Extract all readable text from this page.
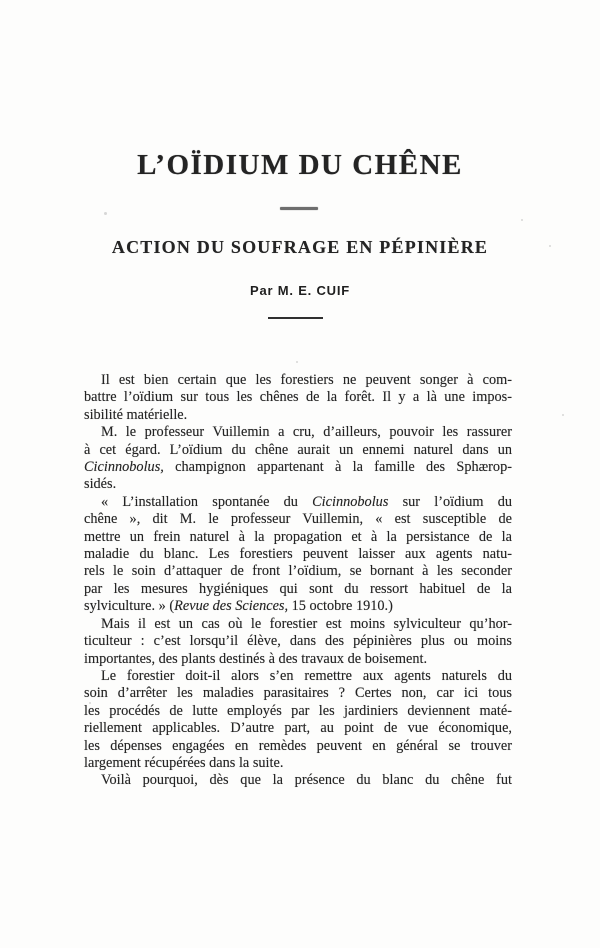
L’OÏDIUM DU CHÊNE
ACTION DU SOUFRAGE EN PÉPINIÈRE
Par M. E. CUIF
Il est bien certain que les forestiers ne peuvent songer à com-
battre l’oïdium sur tous les chênes de la forêt. Il y a là une impos-
sibilité matérielle.
M. le professeur Vuillemin a cru, d’ailleurs, pouvoir les rassurer
à cet égard. L’oïdium du chêne aurait un ennemi naturel dans un
Cicinnobolus, champignon appartenant à la famille des Sphærop-
sidés.
« L’installation spontanée du Cicinnobolus sur l’oïdium du
chêne », dit M. le professeur Vuillemin, « est susceptible de
mettre un frein naturel à la propagation et à la persistance de la
maladie du blanc. Les forestiers peuvent laisser aux agents natu-
rels le soin d’attaquer de front l’oïdium, se bornant à les seconder
par les mesures hygiéniques qui sont du ressort habituel de la
sylviculture. » (Revue des Sciences, 15 octobre 1910.)
Mais il est un cas où le forestier est moins sylviculteur qu’hor-
ticulteur : c’est lorsqu’il élève, dans des pépinières plus ou moins
importantes, des plants destinés à des travaux de boisement.
Le forestier doit-il alors s’en remettre aux agents naturels du
soin d’arrêter les maladies parasitaires ? Certes non, car ici tous
les procédés de lutte employés par les jardiniers deviennent maté-
riellement applicables. D’autre part, au point de vue économique,
les dépenses engagées en remèdes peuvent en général se trouver
largement récupérées dans la suite.
Voilà pourquoi, dès que la présence du blanc du chêne fut
